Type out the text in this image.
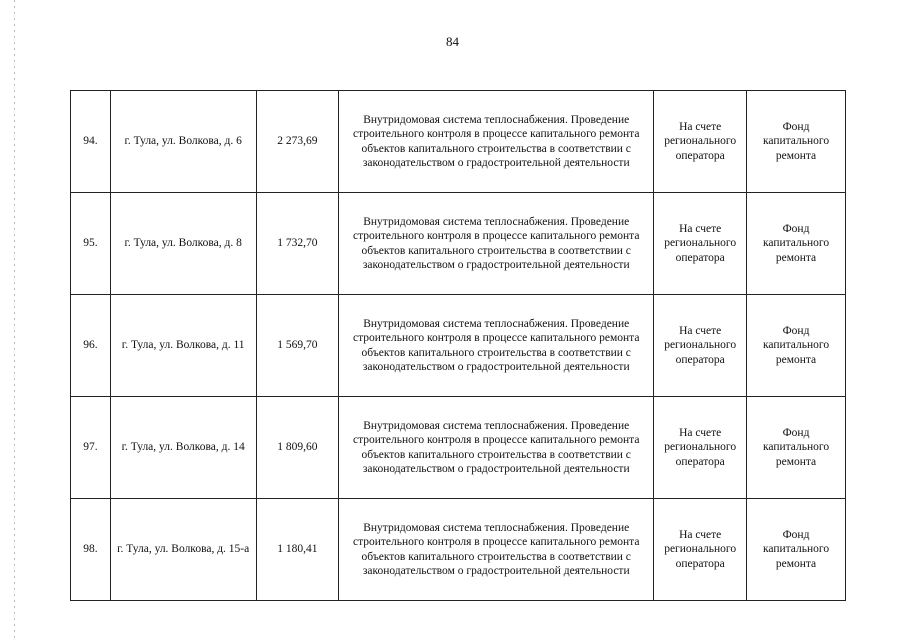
84
94.	г. Тула, ул. Волкова, д. 6	2 273,69	Внутридомовая система теплоснабжения. Проведение строительного контроля в процессе капитального ремонта объектов капитального строительства в соответствии с законодательством о градостроительной деятельности	На счете регионального оператора	Фонд капитального ремонта
95.	г. Тула, ул. Волкова, д. 8	1 732,70	Внутридомовая система теплоснабжения. Проведение строительного контроля в процессе капитального ремонта объектов капитального строительства в соответствии с законодательством о градостроительной деятельности	На счете регионального оператора	Фонд капитального ремонта
96.	г. Тула, ул. Волкова, д. 11	1 569,70	Внутридомовая система теплоснабжения. Проведение строительного контроля в процессе капитального ремонта объектов капитального строительства в соответствии с законодательством о градостроительной деятельности	На счете регионального оператора	Фонд капитального ремонта
97.	г. Тула, ул. Волкова, д. 14	1 809,60	Внутридомовая система теплоснабжения. Проведение строительного контроля в процессе капитального ремонта объектов капитального строительства в соответствии с законодательством о градостроительной деятельности	На счете регионального оператора	Фонд капитального ремонта
98.	г. Тула, ул. Волкова, д. 15-а	1 180,41	Внутридомовая система теплоснабжения. Проведение строительного контроля в процессе капитального ремонта объектов капитального строительства в соответствии с законодательством о градостроительной деятельности	На счете регионального оператора	Фонд капитального ремонта
